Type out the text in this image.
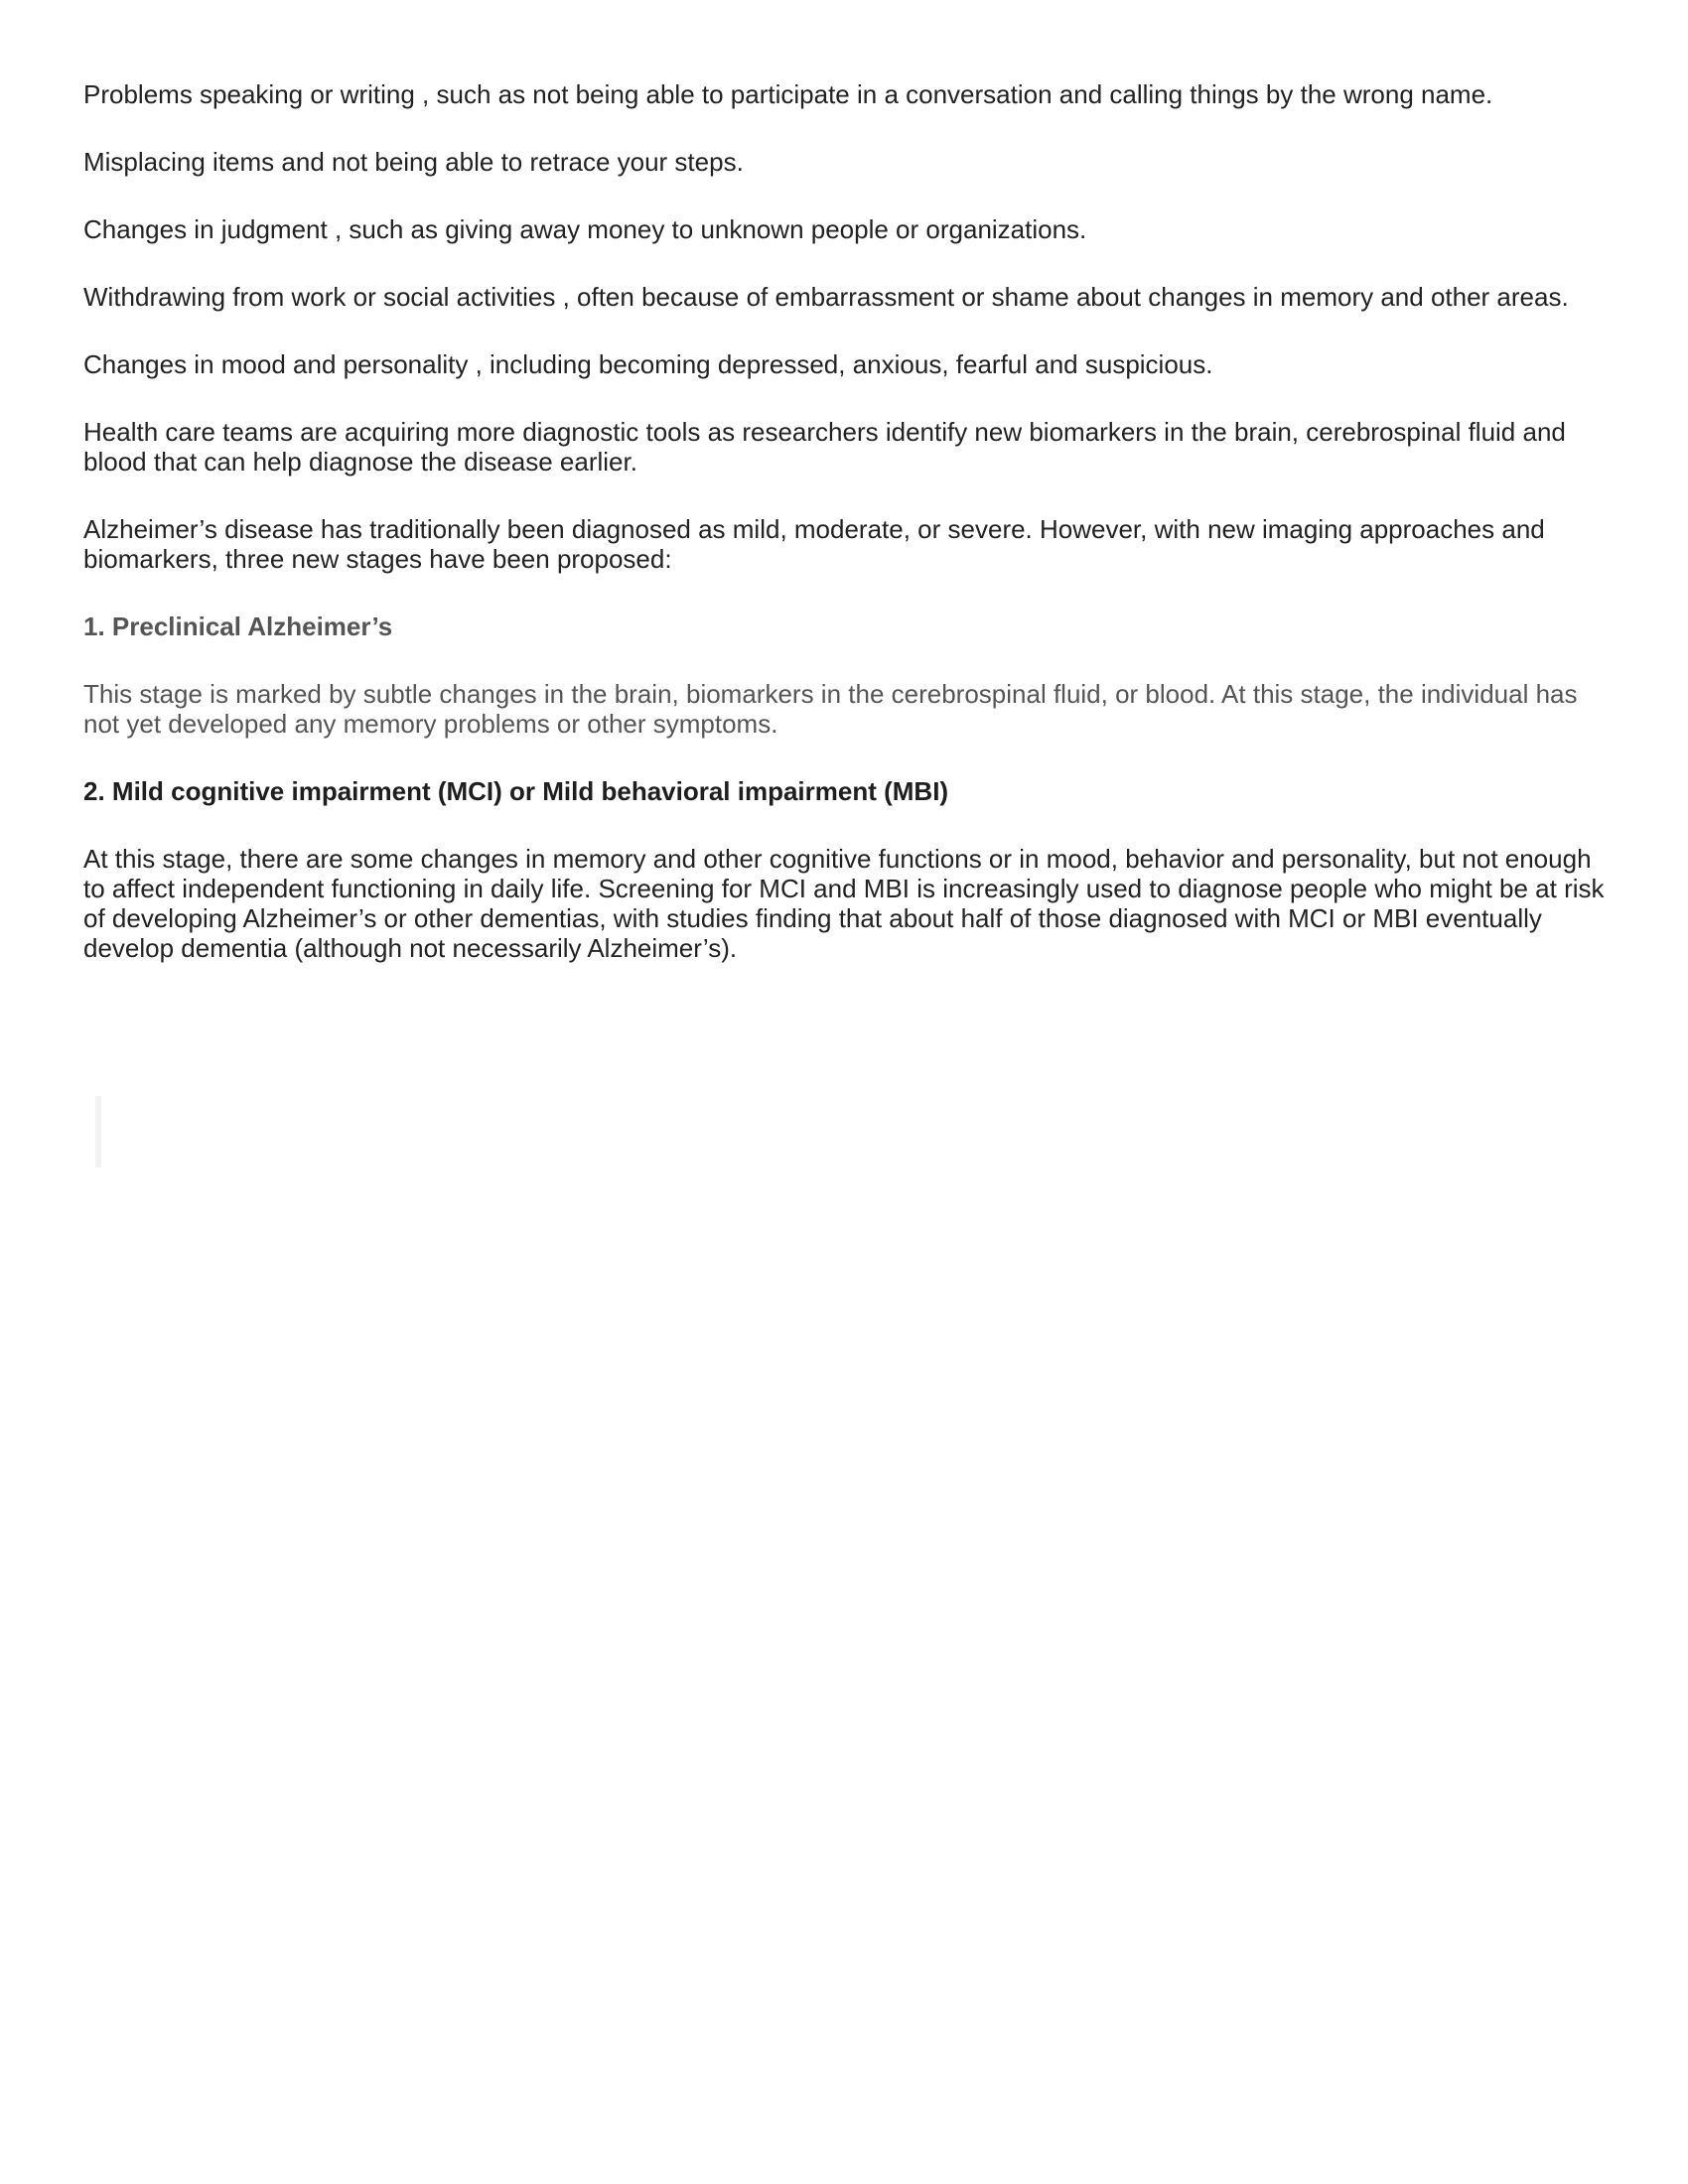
Problems speaking or writing , such as not being able to participate in a conversation and calling things by the wrong name.

Misplacing items and not being able to retrace your steps.

Changes in judgment , such as giving away money to unknown people or organizations.

Withdrawing from work or social activities , often because of embarrassment or shame about changes in memory and other areas.

Changes in mood and personality , including becoming depressed, anxious, fearful and suspicious.

Health care teams are acquiring more diagnostic tools as researchers identify new biomarkers in the brain, cerebrospinal fluid and blood that can help diagnose the disease earlier.

Alzheimer’s disease has traditionally been diagnosed as mild, moderate, or severe. However, with new imaging approaches and biomarkers, three new stages have been proposed:

1. Preclinical Alzheimer’s

This stage is marked by subtle changes in the brain, biomarkers in the cerebrospinal fluid, or blood. At this stage, the individual has not yet developed any memory problems or other symptoms.

2. Mild cognitive impairment (MCI) or Mild behavioral impairment (MBI)

At this stage, there are some changes in memory and other cognitive functions or in mood, behavior and personality, but not enough to affect independent functioning in daily life. Screening for MCI and MBI is increasingly used to diagnose people who might be at risk of developing Alzheimer’s or other dementias, with studies finding that about half of those diagnosed with MCI or MBI eventually develop dementia (although not necessarily Alzheimer’s).
